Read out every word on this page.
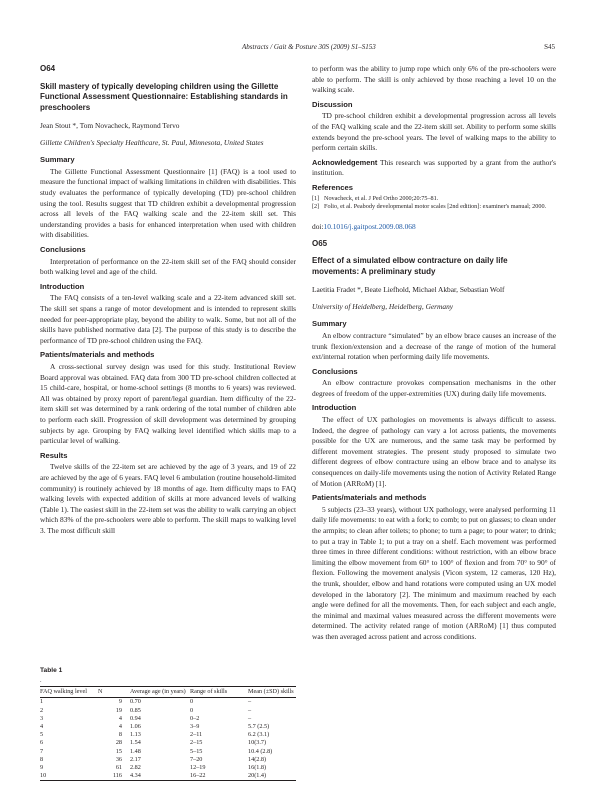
Abstracts / Gait & Posture 30S (2009) S1–S153	S45
O64
Skill mastery of typically developing children using the Gillette Functional Assessment Questionnaire: Establishing standards in preschoolers
Jean Stout *, Tom Novacheck, Raymond Tervo
Gillette Children's Specialty Healthcare, St. Paul, Minnesota, United States
Summary

The Gillette Functional Assessment Questionnaire [1] (FAQ) is a tool used to measure the functional impact of walking limitations in children with disabilities. This study evaluates the performance of typically developing (TD) pre-school children using the tool. Results suggest that TD children exhibit a developmental progression across all levels of the FAQ walking scale and the 22-item skill set. This understanding provides a basis for enhanced interpretation when used with children with disabilities.

Conclusions

Interpretation of performance on the 22-item skill set of the FAQ should consider both walking level and age of the child.

Introduction

The FAQ consists of a ten-level walking scale and a 22-item advanced skill set. The skill set spans a range of motor development and is intended to represent skills needed for peer-appropriate play, beyond the ability to walk. Some, but not all of the skills have published normative data [2]. The purpose of this study is to describe the performance of TD pre-school children using the FAQ.

Patients/materials and methods

A cross-sectional survey design was used for this study. Institutional Review Board approval was obtained. FAQ data from 300 TD pre-school children collected at 15 child-care, hospital, or home-school settings (8 months to 6 years) was reviewed. All was obtained by proxy report of parent/legal guardian. Item difficulty of the 22-item skill set was determined by a rank ordering of the total number of children able to perform each skill. Progression of skill development was determined by grouping subjects by age. Grouping by FAQ walking level identified which skills map to a particular level of walking.

Results

Twelve skills of the 22-item set are achieved by the age of 3 years, and 19 of 22 are achieved by the age of 6 years. FAQ level 6 ambulation (routine household-limited community) is routinely achieved by 18 months of age. Item difficulty maps to FAQ walking levels with expected addition of skills at more advanced levels of walking (Table 1). The easiest skill in the 22-item set was the ability to walk carrying an object which 83% of the pre-schoolers were able to perform. The skill maps to walking level 3. The most difficult skill

Table 1
.
FAQ walking level	N	Average age (in years)	Range of skills	Mean (±SD) skills
1	9	0.70	0	–
2	19	0.85	0	–
3	4	0.94	0–2	–
4	4	1.06	3–9	5.7 (2.5)
5	8	1.13	2–11	6.2 (3.1)
6	28	1.54	2–15	10(3.7)
7	15	1.48	5–15	10.4 (2.8)
8	36	2.17	7–20	14(2.8)
9	61	2.82	12–19	16(1.8)
10	116	4.34	16–22	20(1.4)

to perform was the ability to jump rope which only 6% of the pre-schoolers were able to perform. The skill is only achieved by those reaching a level 10 on the walking scale.

Discussion

TD pre-school children exhibit a developmental progression across all levels of the FAQ walking scale and the 22-item skill set. Ability to perform some skills extends beyond the pre-school years. The level of walking maps to the ability to perform certain skills.

Acknowledgement This research was supported by a grant from the author's institution.

References
[1] Novacheck, et al. J Ped Ortho 2000;20:75–81.
[2] Folio, et al. Peabody developmental motor scales [2nd edition]: examiner's manual; 2000.
doi:10.1016/j.gaitpost.2009.08.068
O65
Effect of a simulated elbow contracture on daily life movements: A preliminary study
Laetitia Fradet *, Beate Liefhold, Michael Akbar, Sebastian Wolf
University of Heidelberg, Heidelberg, Germany
Summary

An elbow contracture “simulated” by an elbow brace causes an increase of the trunk flexion/extension and a decrease of the range of motion of the humeral ext/internal rotation when performing daily life movements.

Conclusions

An elbow contracture provokes compensation mechanisms in the other degrees of freedom of the upper-extremities (UX) during daily life movements.

Introduction

The effect of UX pathologies on movements is always difficult to assess. Indeed, the degree of pathology can vary a lot across patients, the movements possible for the UX are numerous, and the same task may be performed by different movement strategies. The present study proposed to simulate two different degrees of elbow contracture using an elbow brace and to analyse its consequences on daily-life movements using the notion of Activity Related Range of Motion (ARRoM) [1].

Patients/materials and methods

5 subjects (23–33 years), without UX pathology, were analysed performing 11 daily life movements: to eat with a fork; to comb; to put on glasses; to clean under the armpits; to clean after toilets; to phone; to turn a page; to pour water; to drink; to put a tray in Table 1; to put a tray on a shelf. Each movement was performed three times in three different conditions: without restriction, with an elbow brace limiting the elbow movement from 60° to 100° of flexion and from 70° to 90° of flexion. Following the movement analysis (Vicon system, 12 cameras, 120 Hz), the trunk, shoulder, elbow and hand rotations were computed using an UX model developed in the laboratory [2]. The minimum and maximum reached by each angle were defined for all the movements. Then, for each subject and each angle, the minimal and maximal values measured across the different movements were determined. The activity related range of motion (ARRoM) [1] thus computed was then averaged across patient and across conditions.
